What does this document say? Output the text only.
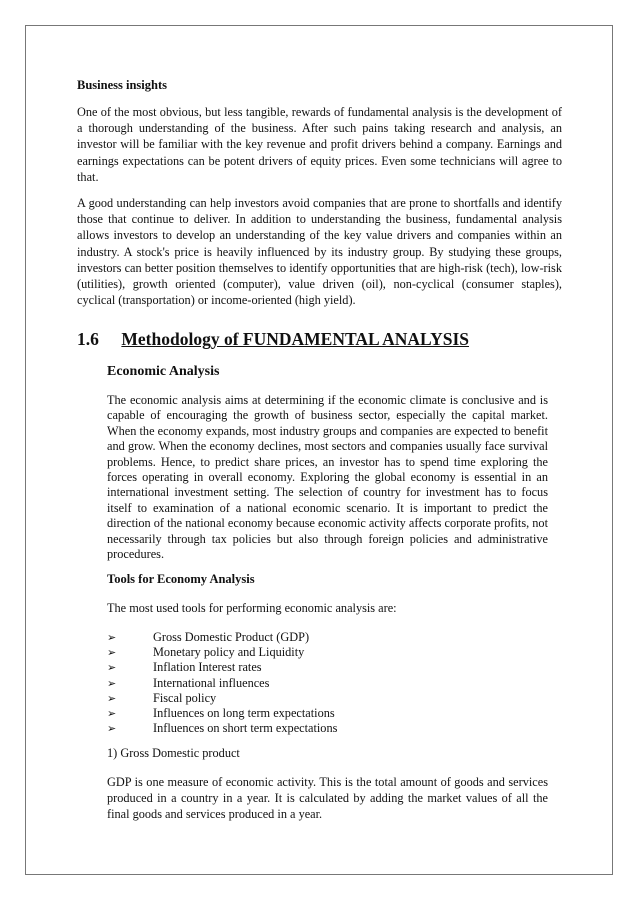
Business insights

One of the most obvious, but less tangible, rewards of fundamental analysis is the development of a thorough understanding of the business. After such pains taking research and analysis, an investor will be familiar with the key revenue and profit drivers behind a company. Earnings and earnings expectations can be potent drivers of equity prices. Even some technicians will agree to that.

A good understanding can help investors avoid companies that are prone to shortfalls and identify those that continue to deliver. In addition to understanding the business, fundamental analysis allows investors to develop an understanding of the key value drivers and companies within an industry. A stock's price is heavily influenced by its industry group. By studying these groups, investors can better position themselves to identify opportunities that are high-risk (tech), low-risk (utilities), growth oriented (computer), value driven (oil), non-cyclical (consumer staples), cyclical (transportation) or income-oriented (high yield).

1.6 Methodology of FUNDAMENTAL ANALYSIS
Economic Analysis

The economic analysis aims at determining if the economic climate is conclusive and is capable of encouraging the growth of business sector, especially the capital market. When the economy expands, most industry groups and companies are expected to benefit and grow. When the economy declines, most sectors and companies usually face survival problems. Hence, to predict share prices, an investor has to spend time exploring the forces operating in overall economy. Exploring the global economy is essential in an international investment setting. The selection of country for investment has to focus itself to examination of a national economic scenario. It is important to predict the direction of the national economy because economic activity affects corporate profits, not necessarily through tax policies but also through foreign policies and administrative procedures.

Tools for Economy Analysis
The most used tools for performing economic analysis are:
➢	Gross Domestic Product (GDP)
➢	Monetary policy and Liquidity
➢	Inflation Interest rates
➢	International influences
➢	Fiscal policy
➢	Influences on long term expectations
➢	Influences on short term expectations
1) Gross Domestic product

GDP is one measure of economic activity. This is the total amount of goods and services produced in a country in a year. It is calculated by adding the market values of all the final goods and services produced in a year.
